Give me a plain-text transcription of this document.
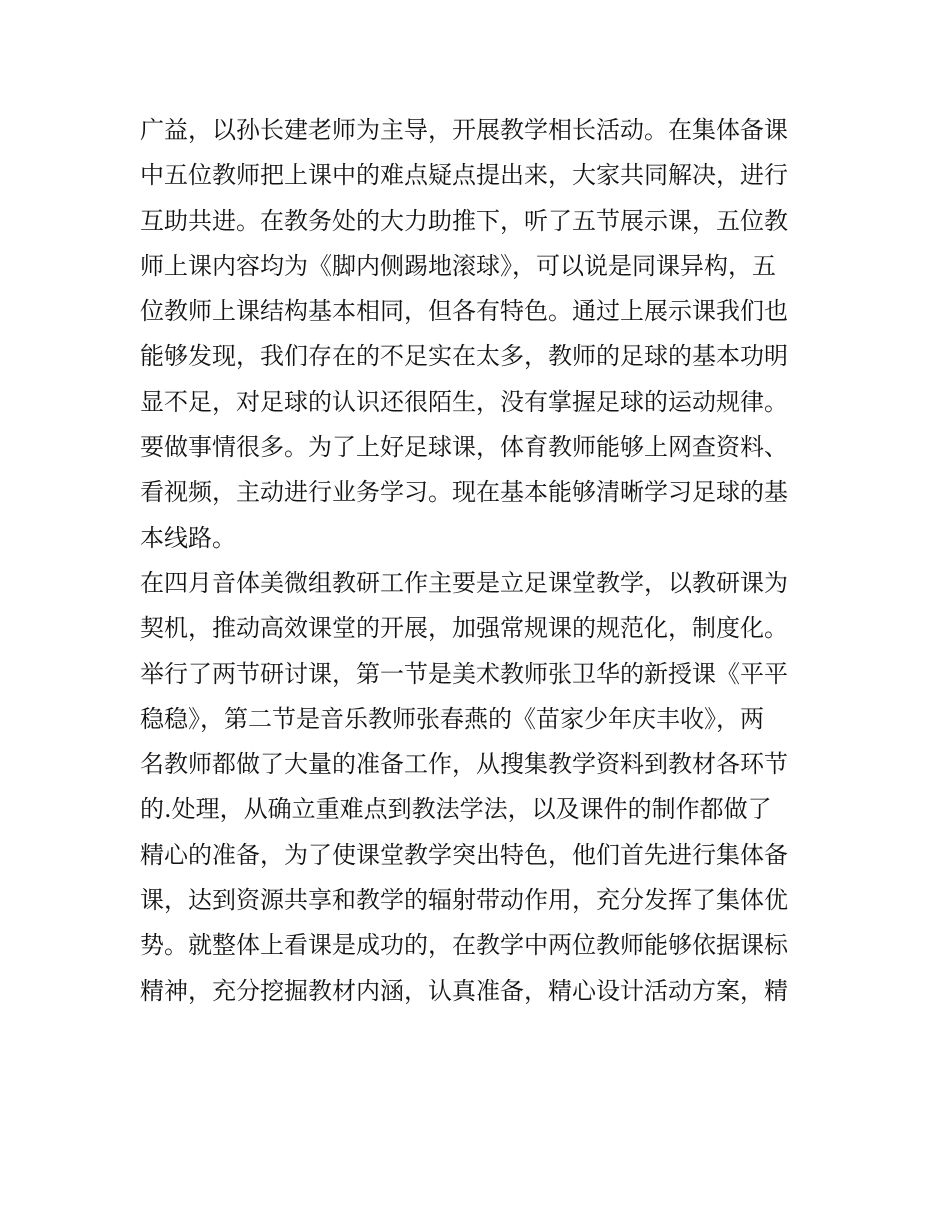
广益，以孙长建老师为主导，开展教学相长活动。在集体备课
中五位教师把上课中的难点疑点提出来，大家共同解决，进行
互助共进。在教务处的大力助推下，听了五节展示课，五位教
师上课内容均为《脚内侧踢地滚球》，可以说是同课异构，五
位教师上课结构基本相同，但各有特色。通过上展示课我们也
能够发现，我们存在的不足实在太多，教师的足球的基本功明
显不足，对足球的认识还很陌生，没有掌握足球的运动规律。
要做事情很多。为了上好足球课，体育教师能够上网查资料、
看视频，主动进行业务学习。现在基本能够清晰学习足球的基
本线路。
在四月音体美微组教研工作主要是立足课堂教学，以教研课为
契机，推动高效课堂的开展，加强常规课的规范化，制度化。
举行了两节研讨课，第一节是美术教师张卫华的新授课《平平
稳稳》，第二节是音乐教师张春燕的《苗家少年庆丰收》，两
名教师都做了大量的准备工作，从搜集教学资料到教材各环节
的.处理，从确立重难点到教法学法，以及课件的制作都做了
精心的准备，为了使课堂教学突出特色，他们首先进行集体备
课，达到资源共享和教学的辐射带动作用，充分发挥了集体优
势。就整体上看课是成功的，在教学中两位教师能够依据课标
精神，充分挖掘教材内涵，认真准备，精心设计活动方案，精
